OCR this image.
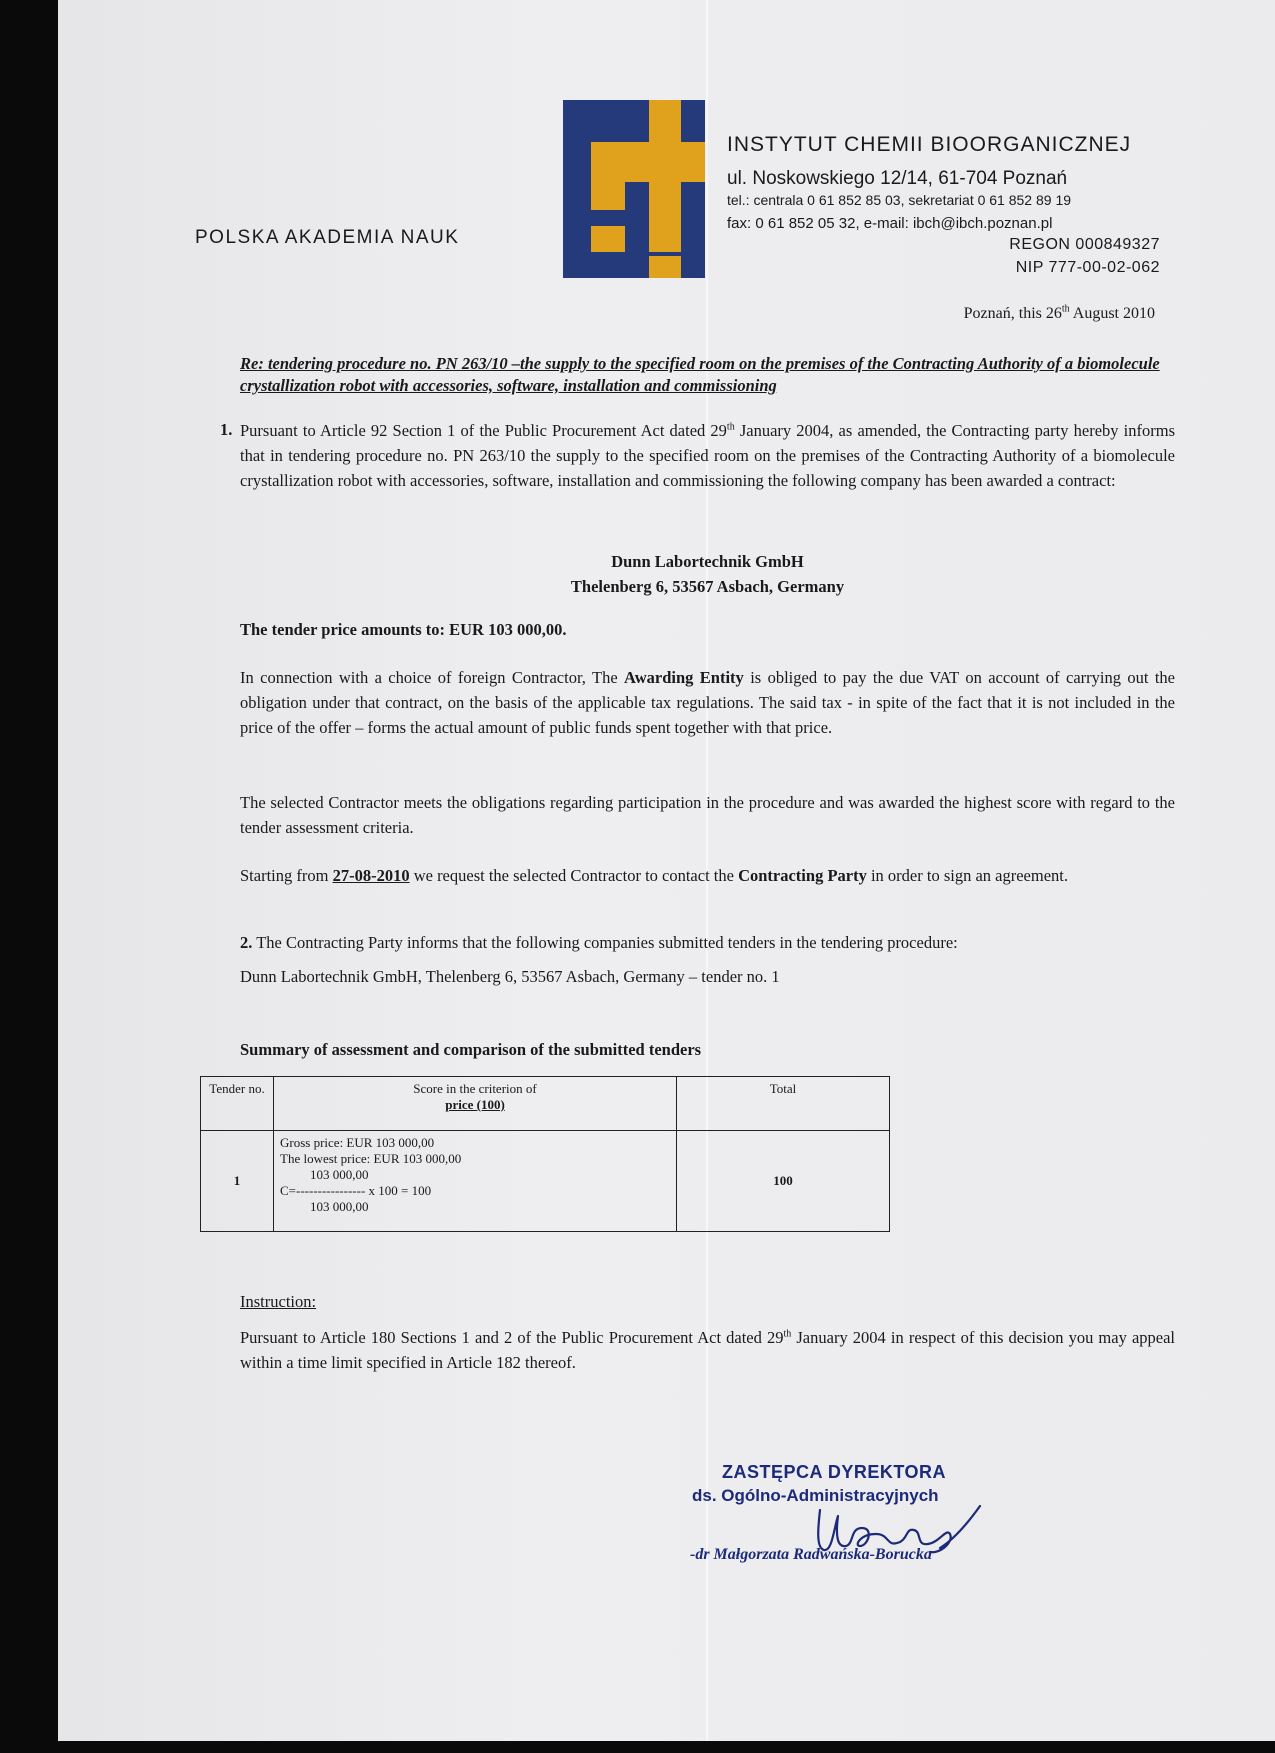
POLSKA AKADEMIA NAUK
INSTYTUT CHEMII BIOORGANICZNEJ
ul. Noskowskiego 12/14, 61-704 Poznań
tel.: centrala 0 61 852 85 03, sekretariat 0 61 852 89 19
fax: 0 61 852 05 32, e-mail: ibch@ibch.poznan.pl
REGON 000849327
NIP 777-00-02-062
Poznań, this 26th August 2010
Re: tendering procedure no. PN 263/10 –the supply to the specified room on the premises of the Contracting Authority of a biomolecule crystallization robot with accessories, software, installation and commissioning
1. Pursuant to Article 92 Section 1 of the Public Procurement Act dated 29th January 2004, as amended, the Contracting party hereby informs that in tendering procedure no. PN 263/10 the supply to the specified room on the premises of the Contracting Authority of a biomolecule crystallization robot with accessories, software, installation and commissioning the following company has been awarded a contract:
Dunn Labortechnik GmbH
Thelenberg 6, 53567 Asbach, Germany
The tender price amounts to: EUR 103 000,00.
In connection with a choice of foreign Contractor, The Awarding Entity is obliged to pay the due VAT on account of carrying out the obligation under that contract, on the basis of the applicable tax regulations. The said tax - in spite of the fact that it is not included in the price of the offer – forms the actual amount of public funds spent together with that price.
The selected Contractor meets the obligations regarding participation in the procedure and was awarded the highest score with regard to the tender assessment criteria.
Starting from 27-08-2010 we request the selected Contractor to contact the Contracting Party in order to sign an agreement.
2. The Contracting Party informs that the following companies submitted tenders in the tendering procedure:
Dunn Labortechnik GmbH, Thelenberg 6, 53567 Asbach, Germany – tender no. 1
Summary of assessment and comparison of the submitted tenders
Tender no.	Score in the criterion of
price (100)	Total
1	Gross price: EUR 103 000,00
The lowest price: EUR 103 000,00
103 000,00
C=---------------- x 100 = 100
103 000,00	100
Instruction:
Pursuant to Article 180 Sections 1 and 2 of the Public Procurement Act dated 29th January 2004 in respect of this decision you may appeal within a time limit specified in Article 182 thereof.
ZASTĘPCA DYREKTORA
ds. Ogólno-Administracyjnych
-dr Małgorzata Radwańska-Borucka
